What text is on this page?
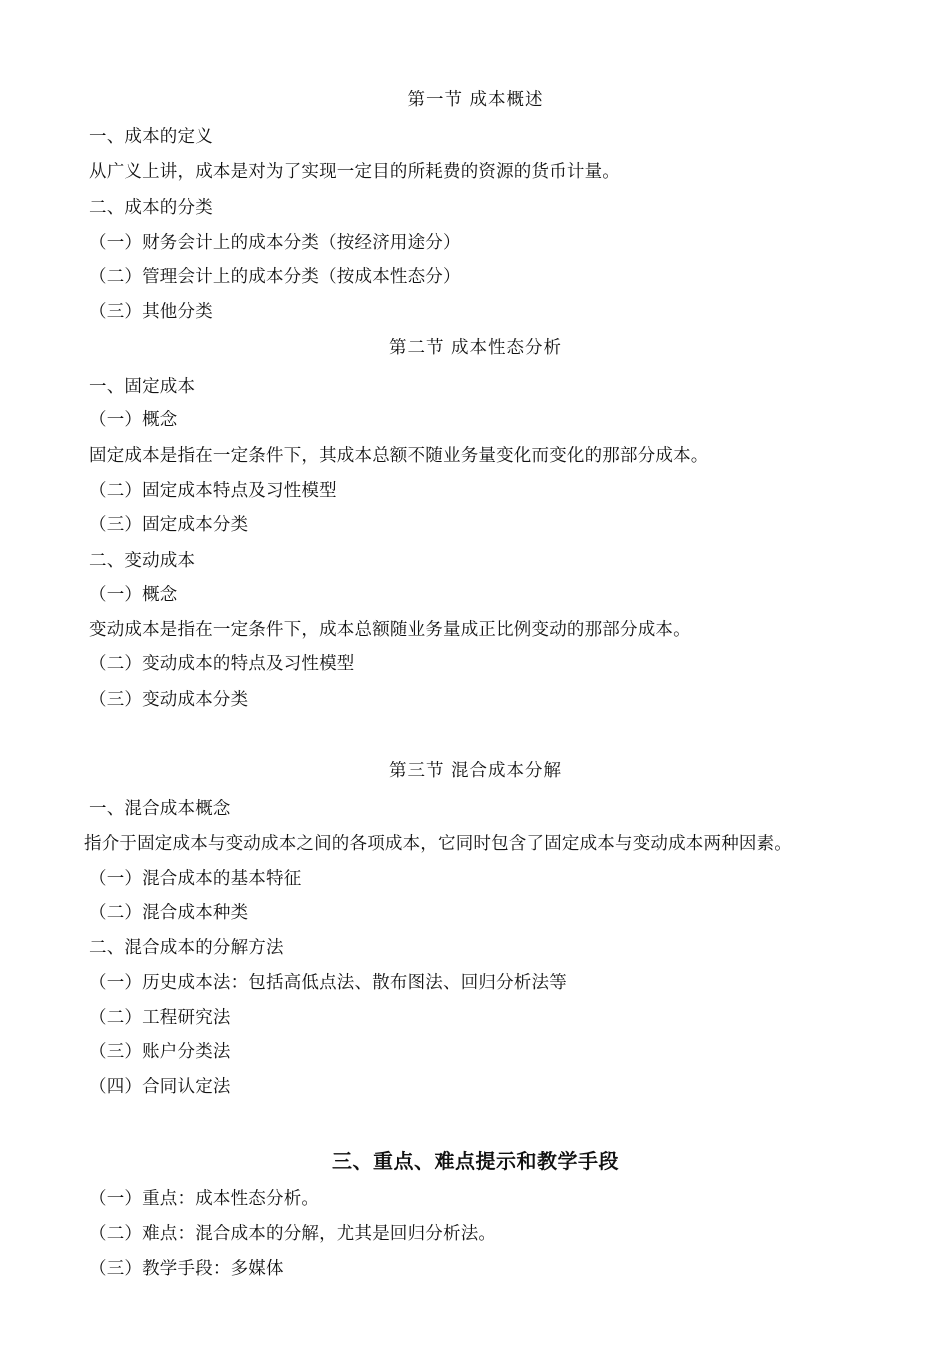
第一节 成本概述
一、成本的定义
从广义上讲，成本是对为了实现一定目的所耗费的资源的货币计量。
二、成本的分类
（一）财务会计上的成本分类（按经济用途分）
（二）管理会计上的成本分类（按成本性态分）
（三）其他分类
第二节 成本性态分析
一、固定成本
（一）概念
固定成本是指在一定条件下，其成本总额不随业务量变化而变化的那部分成本。
（二）固定成本特点及习性模型
（三）固定成本分类
二、变动成本
（一）概念
变动成本是指在一定条件下，成本总额随业务量成正比例变动的那部分成本。
（二）变动成本的特点及习性模型
（三）变动成本分类
第三节 混合成本分解
一、混合成本概念
指介于固定成本与变动成本之间的各项成本，它同时包含了固定成本与变动成本两种因素。
（一）混合成本的基本特征
（二）混合成本种类
二、混合成本的分解方法
（一）历史成本法：包括高低点法、散布图法、回归分析法等
（二）工程研究法
（三）账户分类法
（四）合同认定法
三、重点、难点提示和教学手段
（一）重点：成本性态分析。
（二）难点：混合成本的分解，尤其是回归分析法。
（三）教学手段：多媒体
